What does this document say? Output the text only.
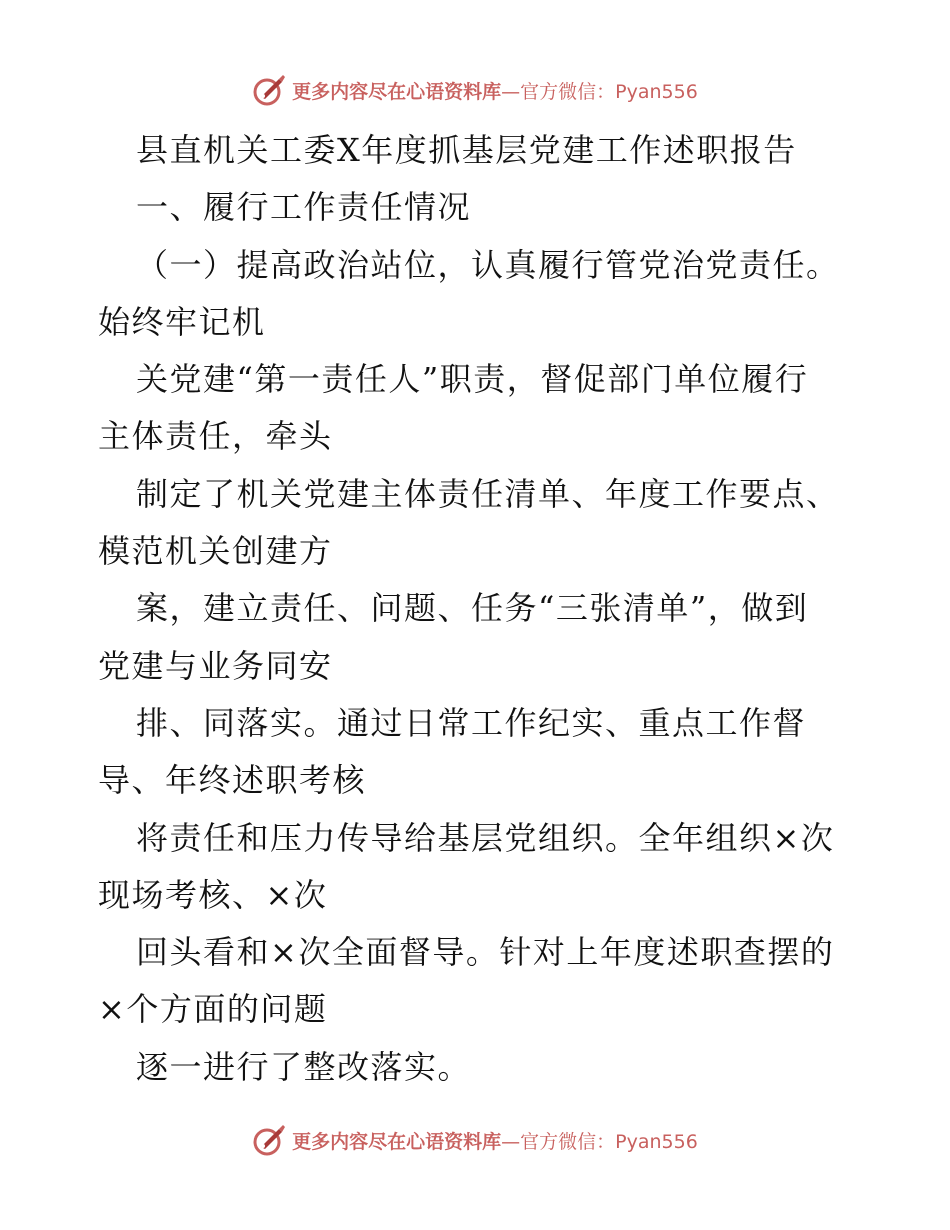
更多内容尽在心语资料库—官方微信：Pyan556
县直机关工委X年度抓基层党建工作述职报告
一、履行工作责任情况
（一）提高政治站位，认真履行管党治党责任。
始终牢记机
关党建“第一责任人”职责，督促部门单位履行
主体责任，牵头
制定了机关党建主体责任清单、年度工作要点、
模范机关创建方
案，建立责任、问题、任务“三张清单”，做到
党建与业务同安
排、同落实。通过日常工作纪实、重点工作督
导、年终述职考核
将责任和压力传导给基层党组织。全年组织×次
现场考核、×次
回头看和×次全面督导。针对上年度述职查摆的
×个方面的问题
逐一进行了整改落实。
更多内容尽在心语资料库—官方微信：Pyan556
